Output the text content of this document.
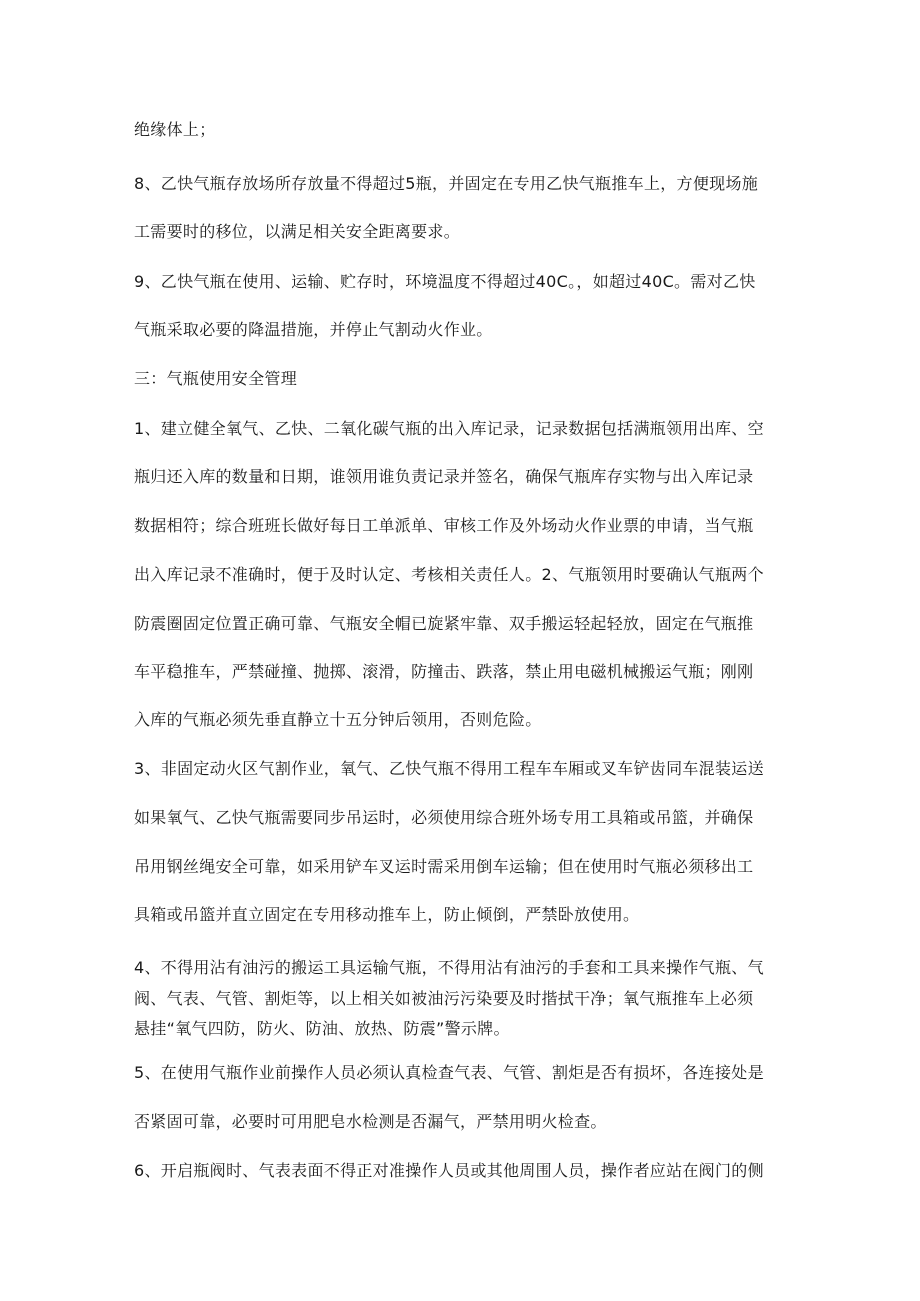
绝缘体上；
8、乙快气瓶存放场所存放量不得超过5瓶，并固定在专用乙快气瓶推车上，方便现场施
工需要时的移位，以满足相关安全距离要求。
9、乙快气瓶在使用、运输、贮存时，环境温度不得超过40C。，如超过40C。需对乙快
气瓶采取必要的降温措施，并停止气割动火作业。
三：气瓶使用安全管理
1、建立健全氧气、乙快、二氧化碳气瓶的出入库记录，记录数据包括满瓶领用出库、空
瓶归还入库的数量和日期，谁领用谁负责记录并签名，确保气瓶库存实物与出入库记录
数据相符；综合班班长做好每日工单派单、审核工作及外场动火作业票的申请，当气瓶
出入库记录不准确时，便于及时认定、考核相关责任人。2、气瓶领用时要确认气瓶两个
防震圈固定位置正确可靠、气瓶安全帽已旋紧牢靠、双手搬运轻起轻放，固定在气瓶推
车平稳推车，严禁碰撞、抛掷、滚滑，防撞击、跌落，禁止用电磁机械搬运气瓶；刚刚
入库的气瓶必须先垂直静立十五分钟后领用，否则危险。
3、非固定动火区气割作业，氧气、乙快气瓶不得用工程车车厢或叉车铲齿同车混装运送
如果氧气、乙快气瓶需要同步吊运时，必须使用综合班外场专用工具箱或吊篮，并确保
吊用钢丝绳安全可靠，如采用铲车叉运时需采用倒车运输；但在使用时气瓶必须移出工
具箱或吊篮并直立固定在专用移动推车上，防止倾倒，严禁卧放使用。
4、不得用沾有油污的搬运工具运输气瓶，不得用沾有油污的手套和工具来操作气瓶、气
阀、气表、气管、割炬等，以上相关如被油污污染要及时揩拭干净；氧气瓶推车上必须
悬挂“氧气四防，防火、防油、放热、防震”警示牌。
5、在使用气瓶作业前操作人员必须认真检查气表、气管、割炬是否有损坏，各连接处是
否紧固可靠，必要时可用肥皂水检测是否漏气，严禁用明火检查。
6、开启瓶阀时、气表表面不得正对准操作人员或其他周围人员，操作者应站在阀门的侧
